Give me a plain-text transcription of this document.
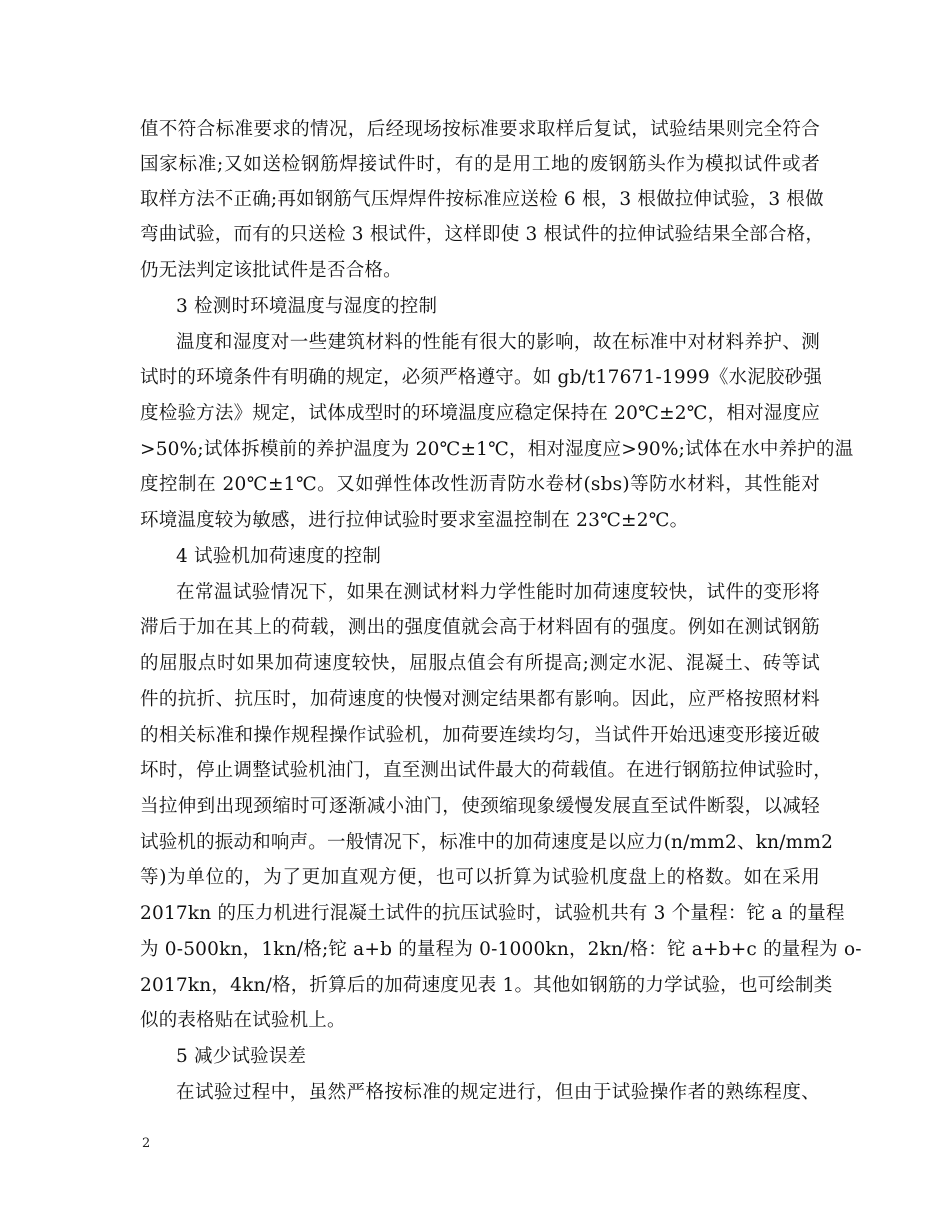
值不符合标准要求的情况，后经现场按标准要求取样后复试，试验结果则完全符合
国家标准;又如送检钢筋焊接试件时，有的是用工地的废钢筋头作为模拟试件或者
取样方法不正确;再如钢筋气压焊焊件按标准应送检 6 根，3 根做拉伸试验，3 根做
弯曲试验，而有的只送检 3 根试件，这样即使 3 根试件的拉伸试验结果全部合格，
仍无法判定该批试件是否合格。
3 检测时环境温度与湿度的控制
温度和湿度对一些建筑材料的性能有很大的影响，故在标准中对材料养护、测
试时的环境条件有明确的规定，必须严格遵守。如 gb/t17671-1999《水泥胶砂强
度检验方法》规定，试体成型时的环境温度应稳定保持在 20℃±2℃，相对湿度应
>50%;试体拆模前的养护温度为 20℃±1℃，相对湿度应>90%;试体在水中养护的温
度控制在 20℃±1℃。又如弹性体改性沥青防水卷材(sbs)等防水材料，其性能对
环境温度较为敏感，进行拉伸试验时要求室温控制在 23℃±2℃。
4 试验机加荷速度的控制
在常温试验情况下，如果在测试材料力学性能时加荷速度较快，试件的变形将
滞后于加在其上的荷载，测出的强度值就会高于材料固有的强度。例如在测试钢筋
的屈服点时如果加荷速度较快，屈服点值会有所提高;测定水泥、混凝土、砖等试
件的抗折、抗压时，加荷速度的快慢对测定结果都有影响。因此，应严格按照材料
的相关标准和操作规程操作试验机，加荷要连续均匀，当试件开始迅速变形接近破
坏时，停止调整试验机油门，直至测出试件最大的荷载值。在进行钢筋拉伸试验时，
当拉伸到出现颈缩时可逐渐减小油门，使颈缩现象缓慢发展直至试件断裂，以减轻
试验机的振动和响声。一般情况下，标准中的加荷速度是以应力(n/mm2、kn/mm2
等)为单位的，为了更加直观方便，也可以折算为试验机度盘上的格数。如在采用
2017kn 的压力机进行混凝土试件的抗压试验时，试验机共有 3 个量程：铊 a 的量程
为 0-500kn，1kn/格;铊 a+b 的量程为 0-1000kn，2kn/格：铊 a+b+c 的量程为 o-
2017kn，4kn/格，折算后的加荷速度见表 1。其他如钢筋的力学试验，也可绘制类
似的表格贴在试验机上。
5 减少试验误差
在试验过程中，虽然严格按标准的规定进行，但由于试验操作者的熟练程度、
2
